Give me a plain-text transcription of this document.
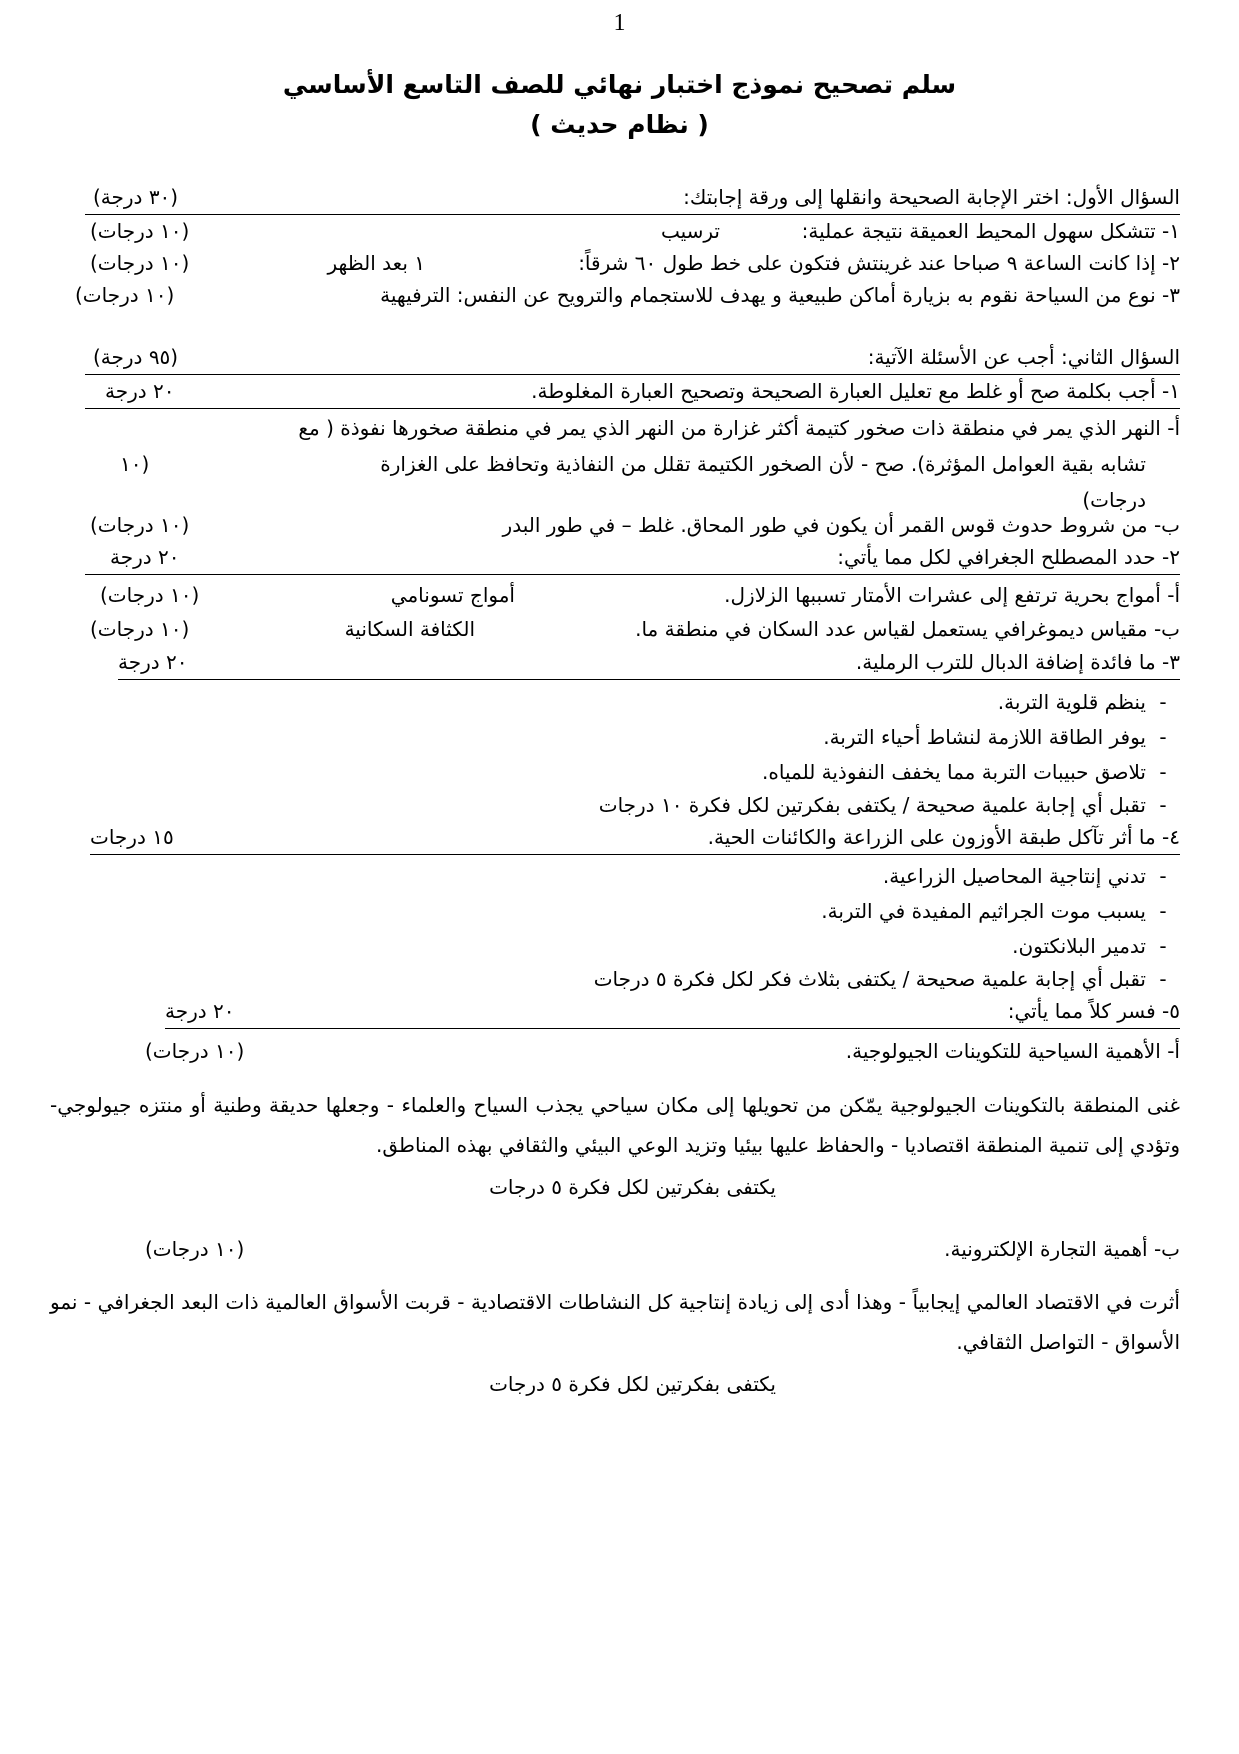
1
سلم تصحيح نموذج اختبار نهائي للصف التاسع الأساسي
( نظام حديث )
السؤال الأول: اختر الإجابة الصحيحة وانقلها إلى ورقة إجابتك:
(٣٠ درجة)
١- تتشكل سهول المحيط العميقة نتيجة عملية:
ترسيب
(١٠ درجات)
٢- إذا كانت الساعة ٩ صباحا عند غرينتش فتكون على خط طول ٦٠ شرقاً:
١ بعد الظهر
(١٠ درجات)
٣- نوع من السياحة نقوم به بزيارة أماكن طبيعية و يهدف للاستجمام والترويح عن النفس: الترفيهية
(١٠ درجات)
السؤال الثاني: أجب عن الأسئلة الآتية:
(٩٥ درجة)
١- أجب بكلمة صح أو غلط مع تعليل العبارة الصحيحة وتصحيح العبارة المغلوطة.
٢٠ درجة
أ- النهر الذي يمر في منطقة ذات صخور كتيمة أكثر غزارة من النهر الذي يمر في منطقة صخورها نفوذة ( مع
تشابه بقية العوامل المؤثرة). صح - لأن الصخور الكتيمة تقلل من النفاذية وتحافظ على الغزارة
(١٠
درجات)
ب- من شروط حدوث قوس القمر أن يكون في طور المحاق. غلط – في طور البدر
(١٠ درجات)
٢- حدد المصطلح الجغرافي لكل مما يأتي:
٢٠ درجة
أ- أمواج بحرية ترتفع إلى عشرات الأمتار تسببها الزلازل.
أمواج تسونامي
(١٠ درجات)
ب- مقياس ديموغرافي يستعمل لقياس عدد السكان في منطقة ما.
الكثافة السكانية
(١٠ درجات)
٣- ما فائدة إضافة الدبال للترب الرملية.
٢٠ درجة
-ينظم قلوية التربة.
-يوفر الطاقة اللازمة لنشاط أحياء التربة.
-تلاصق حبيبات التربة مما يخفف النفوذية للمياه.
-تقبل أي إجابة علمية صحيحة / يكتفى بفكرتين لكل فكرة ١٠ درجات
٤- ما أثر تآكل طبقة الأوزون على الزراعة والكائنات الحية.
١٥ درجات
-تدني إنتاجية المحاصيل الزراعية.
-يسبب موت الجراثيم المفيدة في التربة.
-تدمير البلانكتون.
-تقبل أي إجابة علمية صحيحة / يكتفى بثلاث فكر لكل فكرة ٥ درجات
٥- فسر كلاً مما يأتي:
٢٠ درجة
أ- الأهمية السياحية للتكوينات الجيولوجية.
(١٠ درجات)
غنى المنطقة بالتكوينات الجيولوجية يمّكن من تحويلها إلى مكان سياحي يجذب السياح والعلماء - وجعلها حديقة وطنية أو منتزه جيولوجي- وتؤدي إلى تنمية المنطقة اقتصاديا - والحفاظ عليها بيئيا وتزيد الوعي البيئي والثقافي بهذه المناطق.
يكتفى بفكرتين لكل فكرة ٥ درجات
ب- أهمية التجارة الإلكترونية.
(١٠ درجات)
أثرت في الاقتصاد العالمي إيجابياً - وهذا أدى إلى زيادة إنتاجية كل النشاطات الاقتصادية - قربت الأسواق العالمية ذات البعد الجغرافي - نمو الأسواق - التواصل الثقافي.
يكتفى بفكرتين لكل فكرة ٥ درجات
